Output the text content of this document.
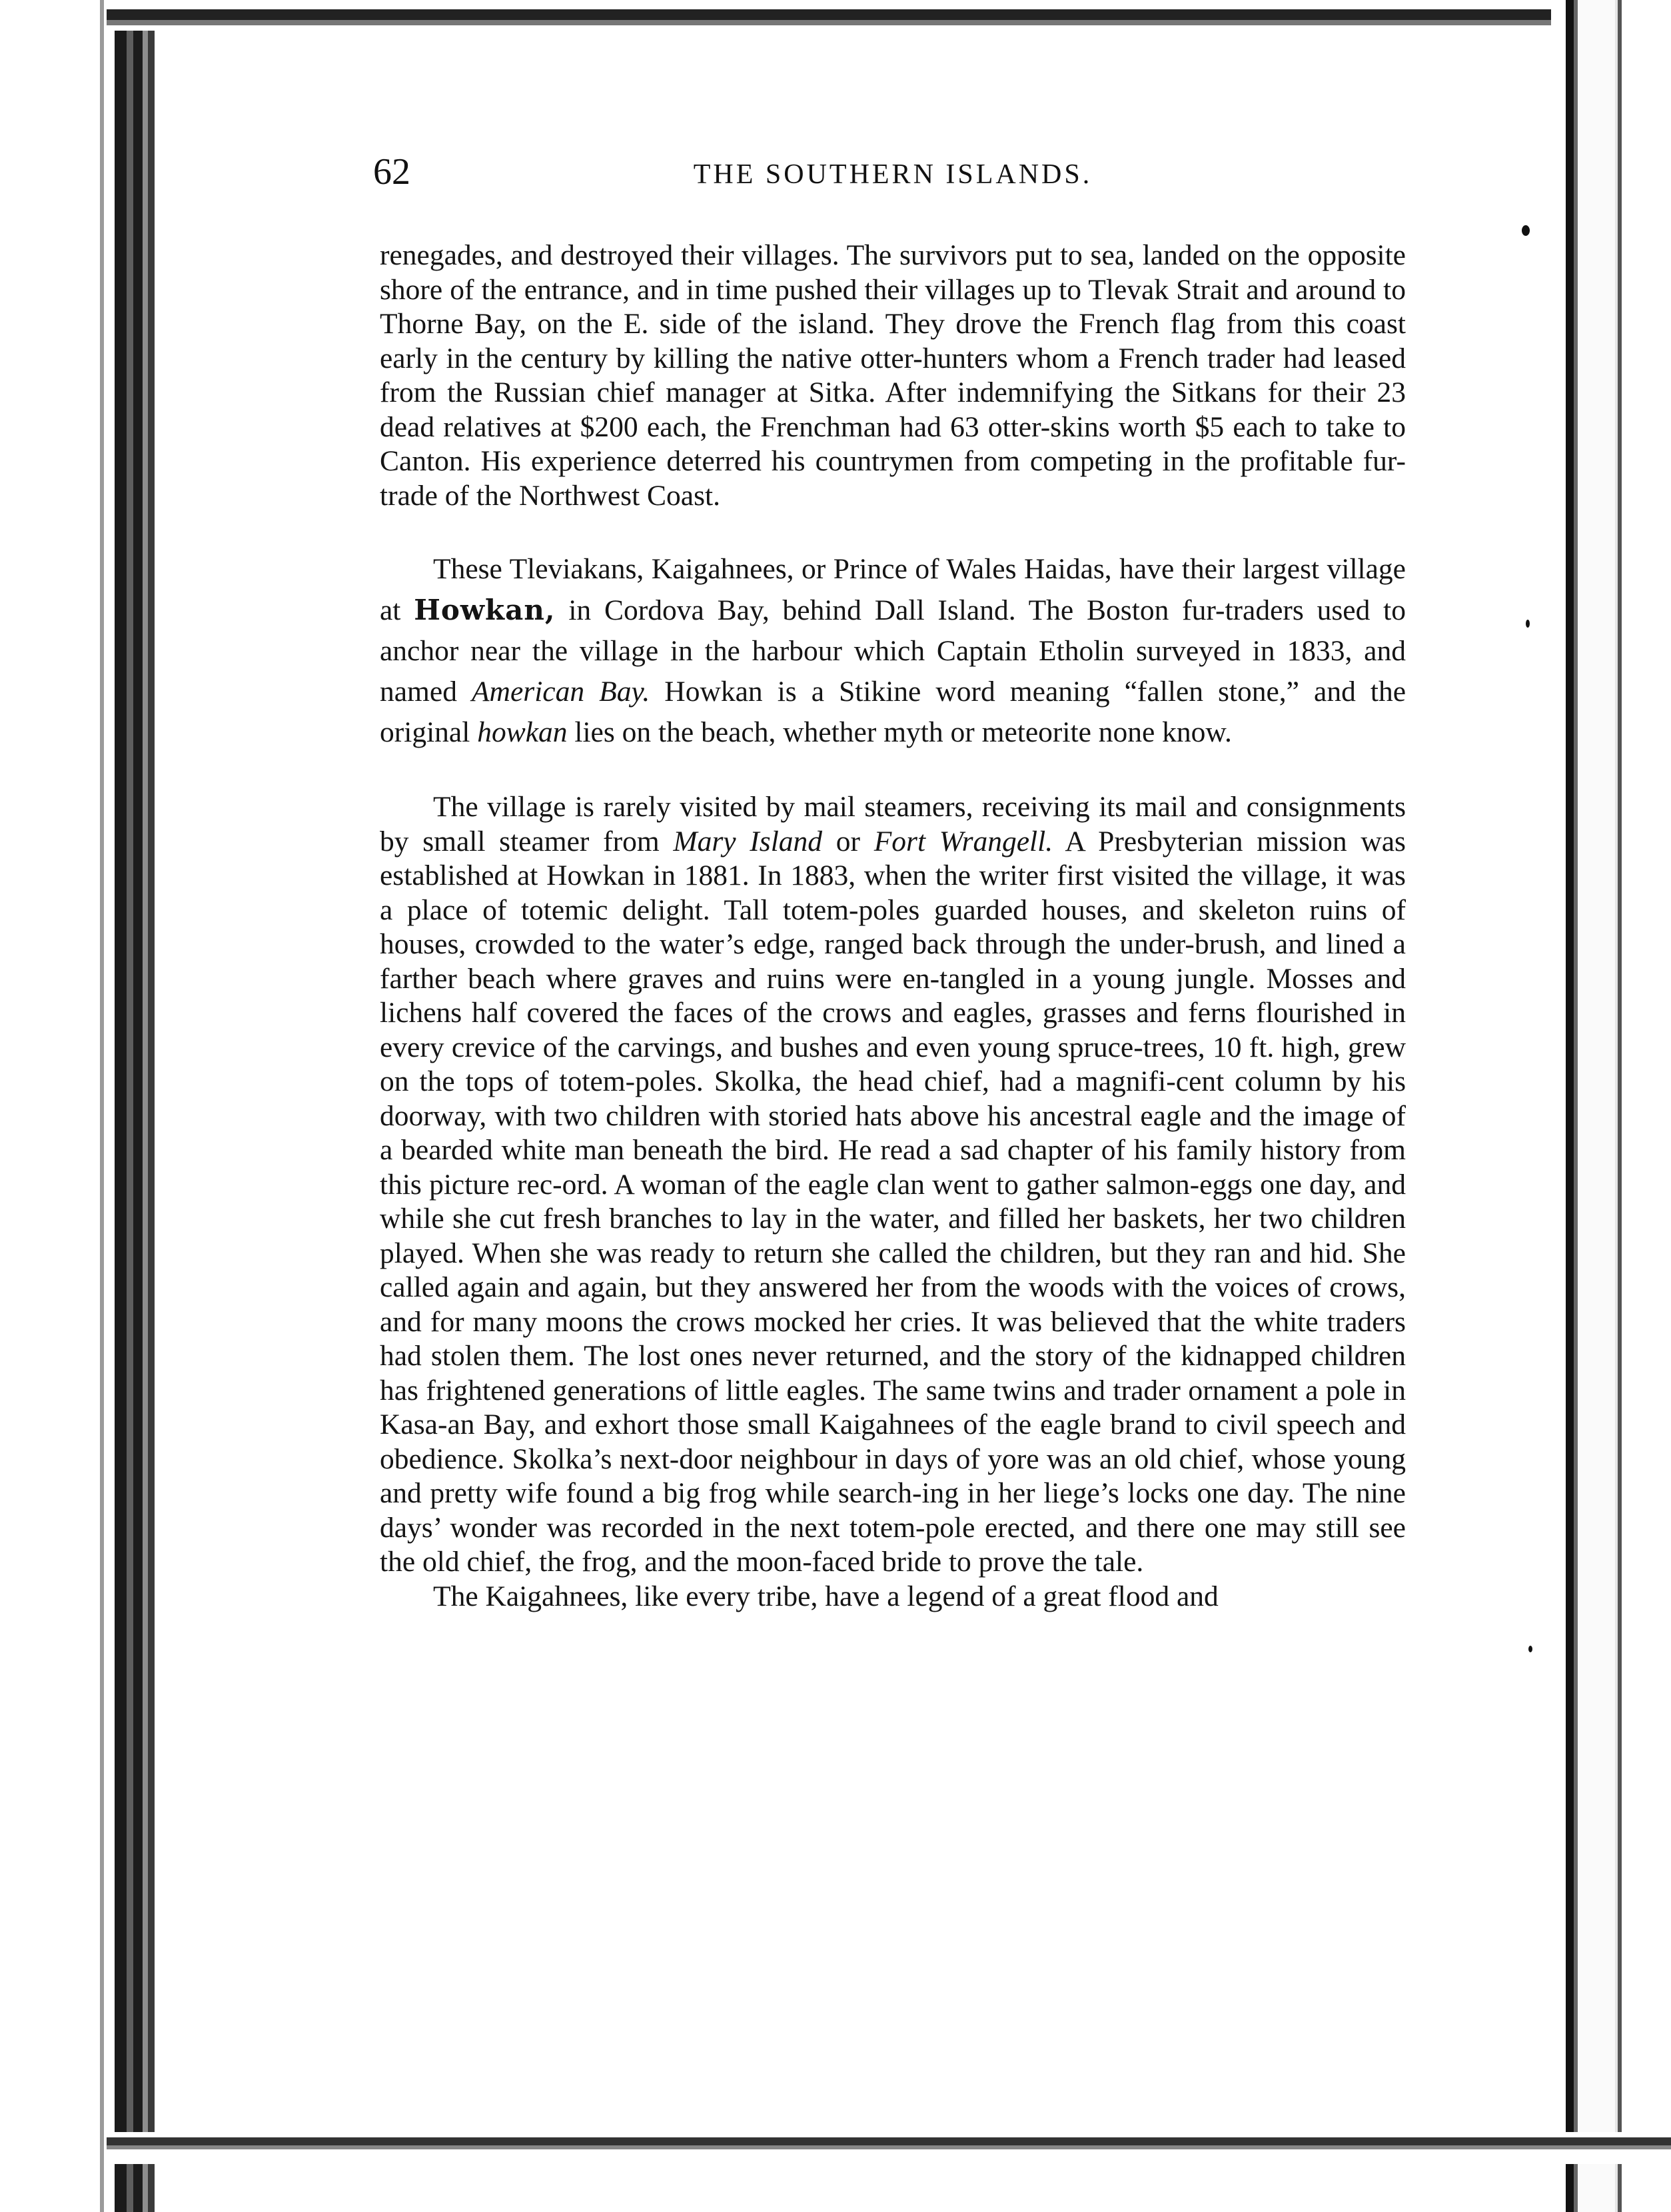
62	THE SOUTHERN ISLANDS.

renegades, and destroyed their villages. The survivors put to sea, landed on the opposite shore of the entrance, and in time pushed their villages up to Tlevak Strait and around to Thorne Bay, on the E. side of the island. They drove the French flag from this coast early in the century by killing the native otter-hunters whom a French trader had leased from the Russian chief manager at Sitka. After indemnifying the Sitkans for their 23 dead relatives at $200 each, the Frenchman had 63 otter-skins worth $5 each to take to Canton. His experience deterred his countrymen from competing in the profitable fur-trade of the Northwest Coast.

These Tleviakans, Kaigahnees, or Prince of Wales Haidas, have their largest village at Howkan, in Cordova Bay, behind Dall Island. The Boston fur-traders used to anchor near the village in the harbour which Captain Etholin surveyed in 1833, and named American Bay. Howkan is a Stikine word meaning “fallen stone,” and the original howkan lies on the beach, whether myth or meteorite none know.

The village is rarely visited by mail steamers, receiving its mail and consignments by small steamer from Mary Island or Fort Wrangell. A Presbyterian mission was established at Howkan in 1881. In 1883, when the writer first visited the village, it was a place of totemic delight. Tall totem-poles guarded houses, and skeleton ruins of houses, crowded to the water’s edge, ranged back through the under-brush, and lined a farther beach where graves and ruins were en-tangled in a young jungle. Mosses and lichens half covered the faces of the crows and eagles, grasses and ferns flourished in every crevice of the carvings, and bushes and even young spruce-trees, 10 ft. high, grew on the tops of totem-poles. Skolka, the head chief, had a magnifi-cent column by his doorway, with two children with storied hats above his ancestral eagle and the image of a bearded white man beneath the bird. He read a sad chapter of his family history from this picture rec-ord. A woman of the eagle clan went to gather salmon-eggs one day, and while she cut fresh branches to lay in the water, and filled her baskets, her two children played. When she was ready to return she called the children, but they ran and hid. She called again and again, but they answered her from the woods with the voices of crows, and for many moons the crows mocked her cries. It was believed that the white traders had stolen them. The lost ones never returned, and the story of the kidnapped children has frightened generations of little eagles. The same twins and trader ornament a pole in Kasa-an Bay, and exhort those small Kaigahnees of the eagle brand to civil speech and obedience. Skolka’s next-door neighbour in days of yore was an old chief, whose young and pretty wife found a big frog while search-ing in her liege’s locks one day. The nine days’ wonder was recorded in the next totem-pole erected, and there one may still see the old chief, the frog, and the moon-faced bride to prove the tale.

The Kaigahnees, like every tribe, have a legend of a great flood and
